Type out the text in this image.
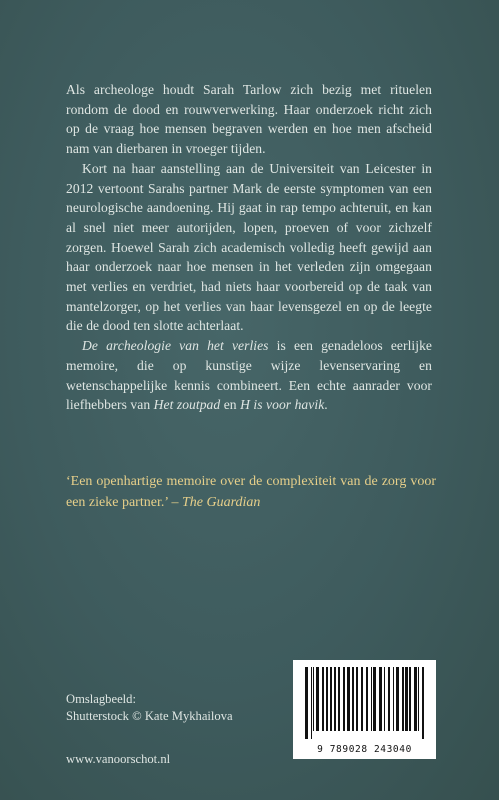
Als archeologe houdt Sarah Tarlow zich bezig met rituelen rondom de dood en rouwverwerking. Haar onderzoek richt zich op de vraag hoe mensen begraven werden en hoe men afscheid nam van dierbaren in vroeger tijden.

Kort na haar aanstelling aan de Universiteit van Leicester in 2012 vertoont Sarahs partner Mark de eerste symptomen van een neurologische aandoening. Hij gaat in rap tempo achteruit, en kan al snel niet meer autorijden, lopen, proeven of voor zichzelf zorgen. Hoewel Sarah zich academisch volledig heeft gewijd aan haar onderzoek naar hoe mensen in het verleden zijn omgegaan met verlies en verdriet, had niets haar voorbereid op de taak van mantelzorger, op het verlies van haar levensgezel en op de leegte die de dood ten slotte achterlaat.

De archeologie van het verlies is een genadeloos eerlijke memoire, die op kunstige wijze levenservaring en wetenschappelijke kennis combineert. Een echte aanrader voor liefhebbers van Het zoutpad en H is voor havik.

‘Een openhartige memoire over de complexiteit van de zorg voor een zieke partner.’ – The Guardian
Omslagbeeld:
Shutterstock © Kate Mykhailova
www.vanoorschot.nl
9 789028 243040
